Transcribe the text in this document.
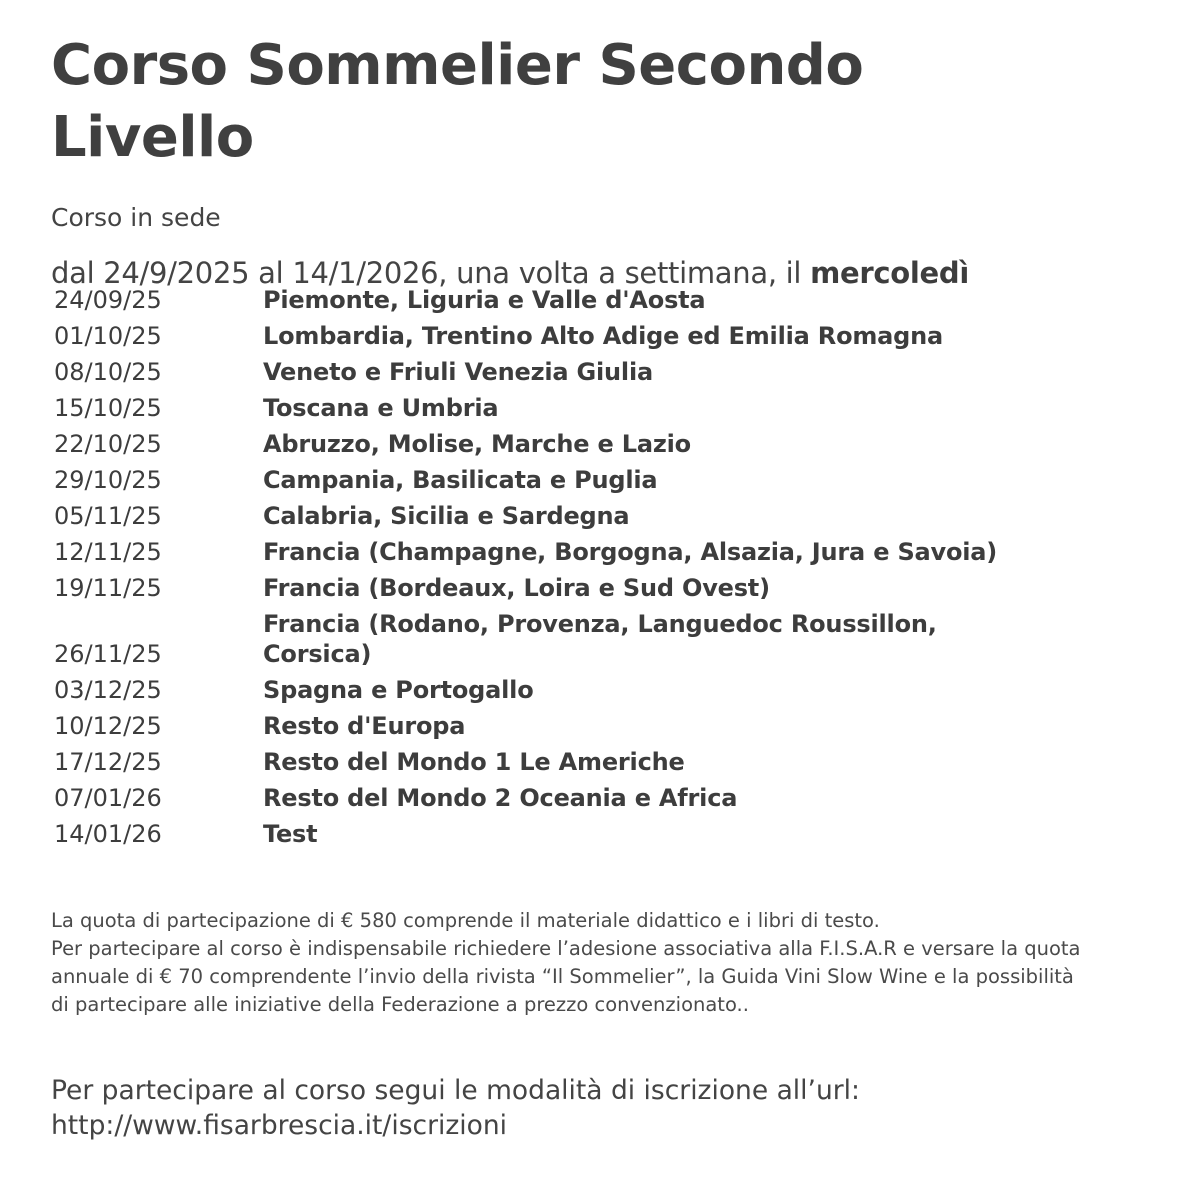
Corso Sommelier Secondo Livello
Corso in sede
dal 24/9/2025 al 14/1/2026, una volta a settimana, il mercoledì
24/09/25	Piemonte, Liguria e Valle d'Aosta
01/10/25	Lombardia, Trentino Alto Adige ed Emilia Romagna
08/10/25	Veneto e Friuli Venezia Giulia
15/10/25	Toscana e Umbria
22/10/25	Abruzzo, Molise, Marche e Lazio
29/10/25	Campania, Basilicata e Puglia
05/11/25	Calabria, Sicilia e Sardegna
12/11/25	Francia (Champagne, Borgogna, Alsazia, Jura e Savoia)
19/11/25	Francia (Bordeaux, Loira e Sud Ovest)
26/11/25	Francia (Rodano, Provenza, Languedoc Roussillon, Corsica)
03/12/25	Spagna e Portogallo
10/12/25	Resto d'Europa
17/12/25	Resto del Mondo 1 Le Americhe
07/01/26	Resto del Mondo 2 Oceania e Africa
14/01/26	Test
La quota di partecipazione di € 580 comprende il materiale didattico e i libri di testo.
Per partecipare al corso è indispensabile richiedere l’adesione associativa alla F.I.S.A.R e versare la quota annuale di € 70 comprendente l’invio della rivista “Il Sommelier”, la Guida Vini Slow Wine e la possibilità di partecipare alle iniziative della Federazione a prezzo convenzionato..
Per partecipare al corso segui le modalità di iscrizione all’url:
http://www.fisarbrescia.it/iscrizioni
